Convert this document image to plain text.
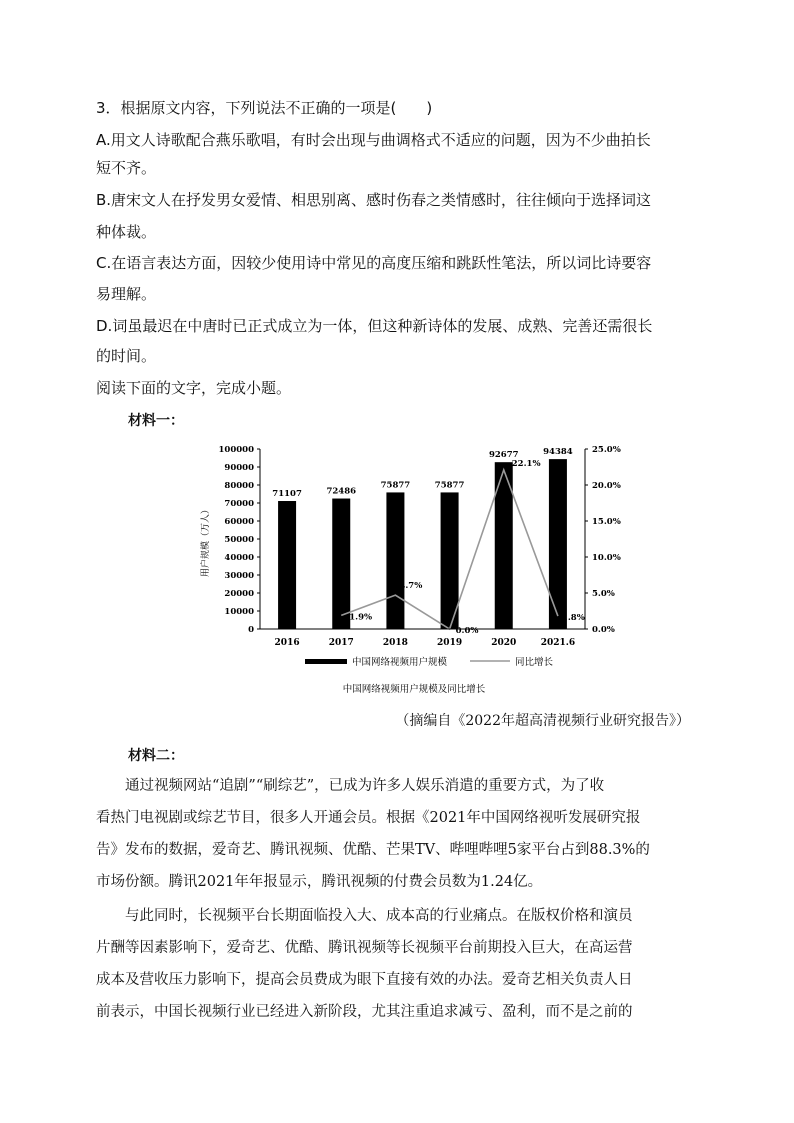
3．根据原文内容，下列说法不正确的一项是(　　)
A.用文人诗歌配合燕乐歌唱，有时会出现与曲调格式不适应的问题，因为不少曲拍长
短不齐。
B.唐宋文人在抒发男女爱情、相思别离、感时伤春之类情感时，往往倾向于选择词这
种体裁。
C.在语言表达方面，因较少使用诗中常见的高度压缩和跳跃性笔法，所以词比诗要容
易理解。
D.词虽最迟在中唐时已正式成立为一体，但这种新诗体的发展、成熟、完善还需很长
的时间。
阅读下面的文字，完成小题。
材料一：
用户规模（万人）
0
10000
20000
30000
40000
50000
60000
70000
80000
90000
100000
0.0%
5.0%
10.0%
15.0%
20.0%
25.0%
71107	72486
75877	75877
92677	94384
1.9%
4.7%
0.0%
22.1%
1.8%
2016	2017	2018	2019	2020	2021.6
中国网络视频用户规模	同比增长
中国网络视频用户规模及同比增长
（摘编自《2022年超高清视频行业研究报告》）
材料二：
　　通过视频网站“追剧”“刷综艺”，已成为许多人娱乐消遣的重要方式，为了收
看热门电视剧或综艺节目，很多人开通会员。根据《2021年中国网络视听发展研究报
告》发布的数据，爱奇艺、腾讯视频、优酷、芒果TV、哔哩哔哩5家平台占到88.3%的
市场份额。腾讯2021年年报显示，腾讯视频的付费会员数为1.24亿。
　　与此同时，长视频平台长期面临投入大、成本高的行业痛点。在版权价格和演员
片酬等因素影响下，爱奇艺、优酷、腾讯视频等长视频平台前期投入巨大，在高运营
成本及营收压力影响下，提高会员费成为眼下直接有效的办法。爱奇艺相关负责人日
前表示，中国长视频行业已经进入新阶段，尤其注重追求减亏、盈利，而不是之前的
